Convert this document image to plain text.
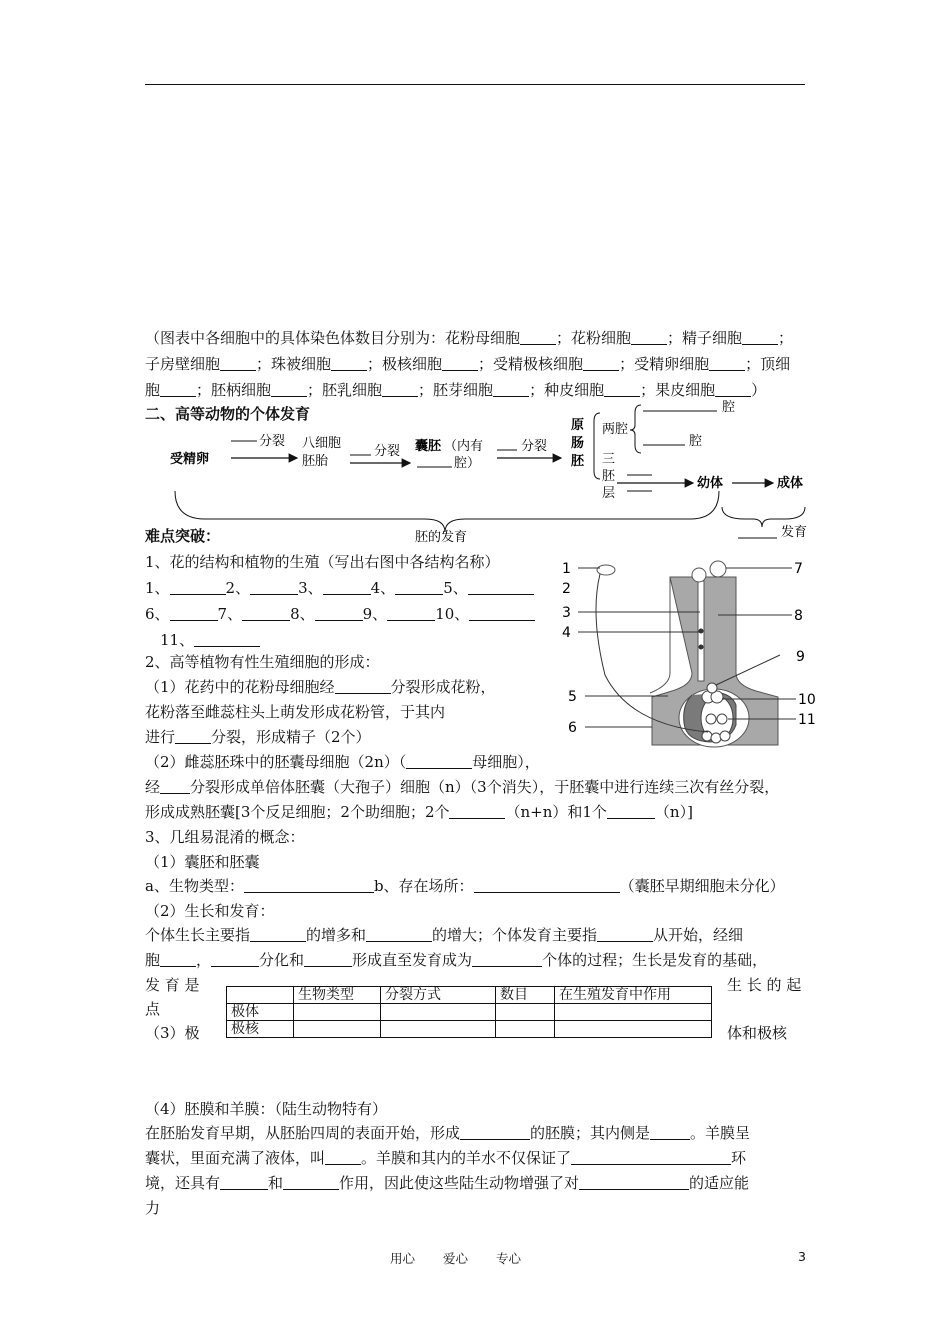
（图表中各细胞中的具体染色体数目分别为：花粉母细胞 ；花粉细胞 ；精子细胞 ；
子房壁细胞 ；珠被细胞 ；极核细胞 ；受精极核细胞 ；受精卵细胞 ；顶细
胞 ；胚柄细胞 ；胚乳细胞 ；胚芽细胞 ；种皮细胞 ；果皮细胞 ）
二、高等动物的个体发育
受精卵
分裂 八细胞
胚胎
分裂 囊胚 （内有
腔）
分裂
原
肠
胚
两腔
腔
腔
三
胚
层
幼体	成体
胚的发育	发育
难点突破：
1、花的结构和植物的生殖（写出右图中各结构名称）
1、	2、	3、	4、	5、
6、	7、	8、	9、	10、
11、
1
2
3
4
5
6
7
8
9
10
11
2、高等植物有性生殖细胞的形成：
（1）花药中的花粉母细胞经	分裂形成花粉，
花粉落至雌蕊柱头上萌发形成花粉管，于其内
进行 分裂，形成精子（2个）
（2）雌蕊胚珠中的胚囊母细胞（2n）（	母细胞），
经 分裂形成单倍体胚囊（大孢子）细胞（n）（3个消失），于胚囊中进行连续三次有丝分裂，
形成成熟胚囊[3个反足细胞；2个助细胞；2个	（n+n）和1个	（n）]
3、几组易混淆的概念：
（1）囊胚和胚囊
a、生物类型：	b、存在场所：	（囊胚早期细胞未分化）
（2）生长和发育：
个体生长主要指	的增多和	的增大；个体发育主要指	从开始，经细
胞 ，	分化和	形成直至发育成为	个体的过程；生长是发育的基础，
发 育 是	生 长 的 起
点
（3）极	体和极核
	生物类型	分裂方式	数目	在生殖发育中作用
极体				
极核				
（4）胚膜和羊膜：（陆生动物特有）
在胚胎发育早期，从胚胎四周的表面开始，形成	的胚膜；其内侧是	。羊膜呈
囊状，里面充满了液体，叫 。羊膜和其内的羊水不仅保证了	环
境，还具有	和	作用，因此使这些陆生动物增强了对	的适应能
力
用心 爱心 专心	3
